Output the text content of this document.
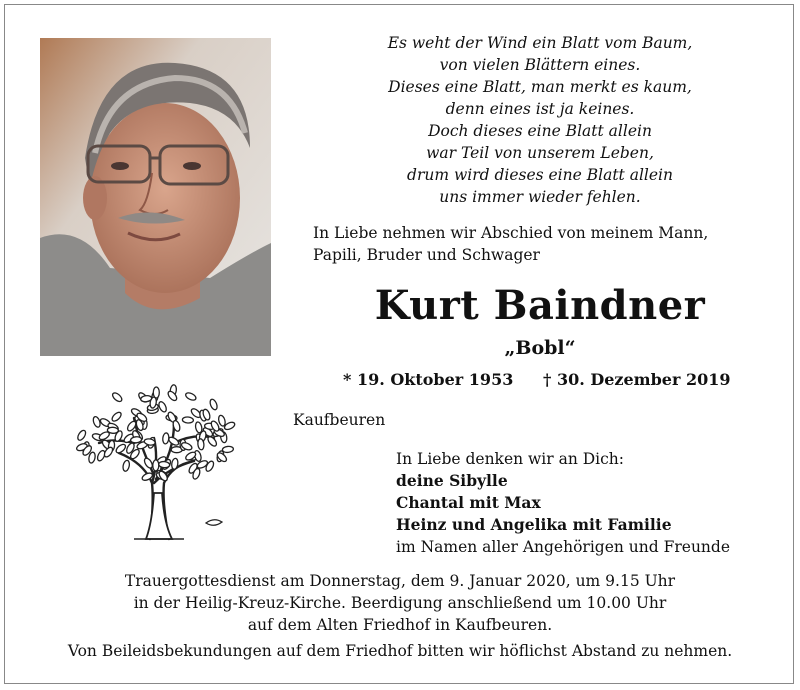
Es weht der Wind ein Blatt vom Baum,
von vielen Blättern eines.
Dieses eine Blatt, man merkt es kaum,
denn eines ist ja keines.
Doch dieses eine Blatt allein
war Teil von unserem Leben,
drum wird dieses eine Blatt allein
uns immer wieder fehlen.
In Liebe nehmen wir Abschied von meinem Mann,
Papili, Bruder und Schwager
Kurt Baindner
„Bobl“
* 19. Oktober 1953 † 30. Dezember 2019
Kaufbeuren
In Liebe denken wir an Dich:
deine Sibylle
Chantal mit Max
Heinz und Angelika mit Familie
im Namen aller Angehörigen und Freunde
Trauergottesdienst am Donnerstag, dem 9. Januar 2020, um 9.15 Uhr
in der Heilig-Kreuz-Kirche. Beerdigung anschließend um 10.00 Uhr
auf dem Alten Friedhof in Kaufbeuren.
Von Beileidsbekundungen auf dem Friedhof bitten wir höflichst Abstand zu nehmen.
